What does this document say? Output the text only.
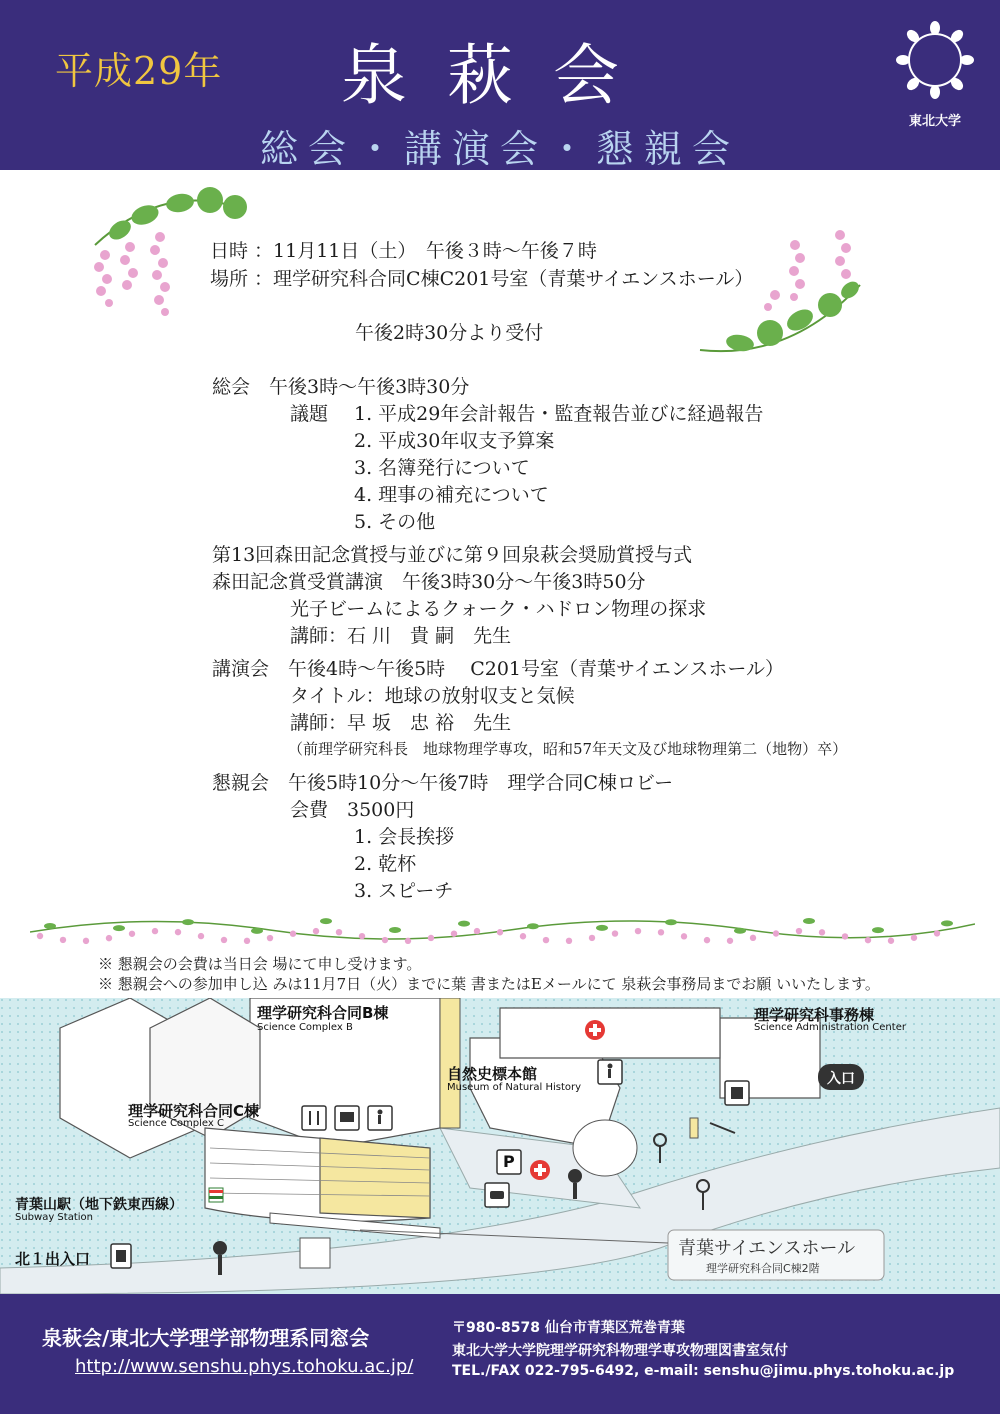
平成29年	泉萩会
総会・講演会・懇親会
東北大学
日時 ：11月11日（土）　午後３時～午後７時
場所 ：理学研究科合同C棟C201号室（青葉サイエンスホール）
午後2時30分より受付
総会　午後3時～午後3時30分
議題 1. 平成29年会計報告・監査報告並びに経過報告
2. 平成30年収支予算案
3. 名簿発行について
4. 理事の補充について
5. その他
第13回森田記念賞授与並びに第９回泉萩会奨励賞授与式
森田記念賞受賞講演　午後3時30分～午後3時50分
光子ビームによるクォーク・ハドロン物理の探求
講師：石 川　貴 嗣　先生
講演会　午後4時～午後5時　 C201号室（青葉サイエンスホール）
タイトル：地球の放射収支と気候
講師：早 坂　忠 裕　先生
（前理学研究科長　地球物理学専攻，昭和57年天文及び地球物理第二（地物）卒）
懇親会　午後5時10分～午後7時　理学合同C棟ロビー
会費　3500円
1. 会長挨拶
2. 乾杯
3. スピーチ
※ 懇親会の会費は当日会 場にて申し受けます。
※ 懇親会への参加申し込 みは11月7日（火）までに葉 書またはEメールにて 泉萩会事務局までお願 いいたします。
理学研究科合同B棟
Science Complex B
理学研究科事務棟
Science Administration Center
自然史標本館
Museum of Natural History
理学研究科合同C棟
Science Complex C
青葉山駅（地下鉄東西線）
Subway Station
北１出入口
入口
青葉サイエンスホール
理学研究科合同C棟2階
P
泉萩会/東北大学理学部物理系同窓会
http://www.senshu.phys.tohoku.ac.jp/
〒980-8578 仙台市青葉区荒巻青葉
東北大学大学院理学研究科物理学専攻物理図書室気付
TEL./FAX 022-795-6492, e-mail: senshu@jimu.phys.tohoku.ac.jp
